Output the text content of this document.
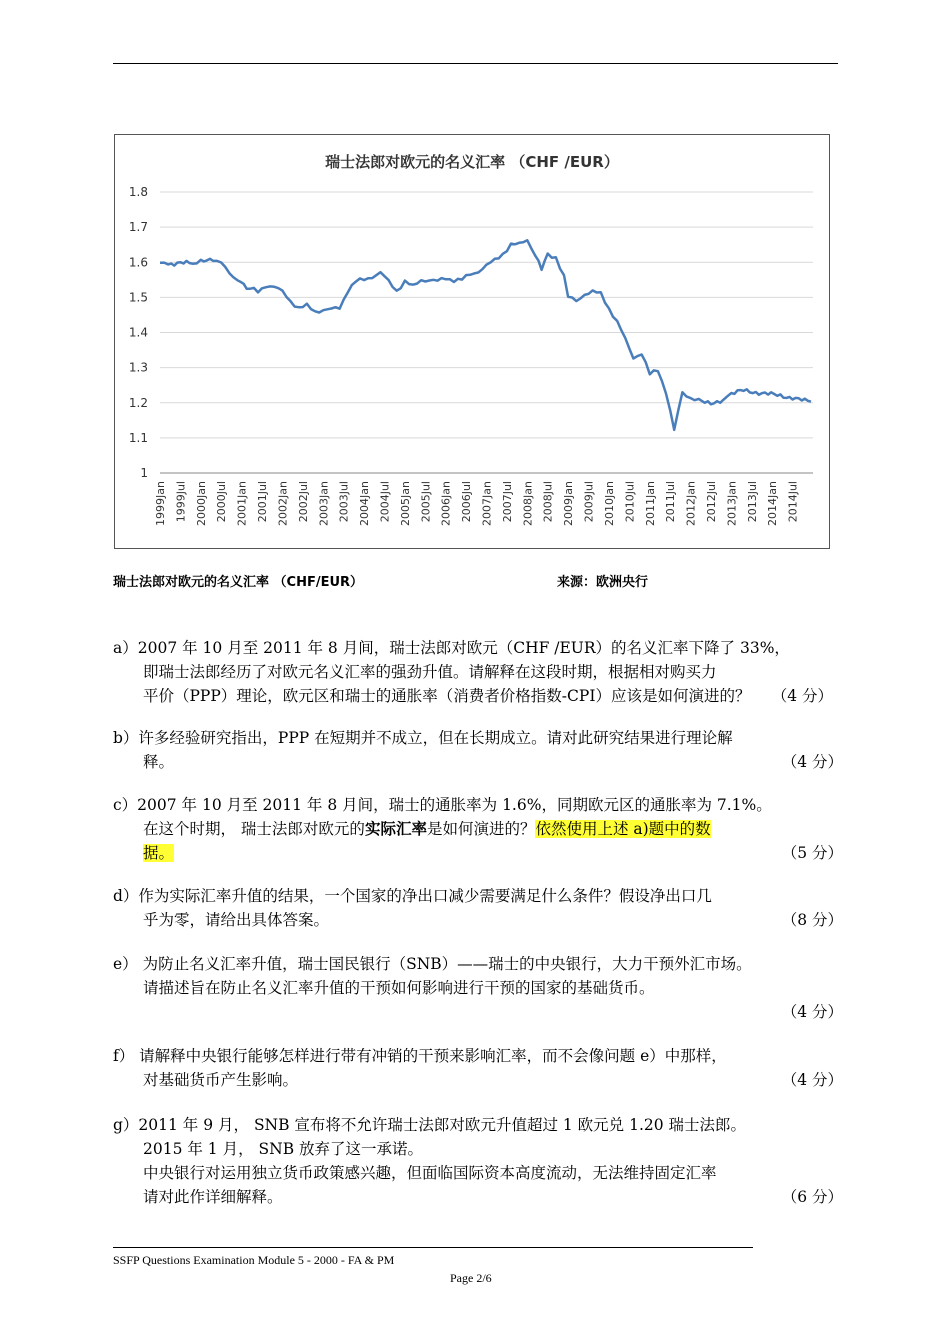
瑞士法郎对欧元的名义汇率 （CHF /EUR）
1.8
1.7
1.6
1.5
1.4
1.3
1.2
1.1
1
1999Jan 1999Jul 2000Jan 2000Jul 2001Jan 2001Jul 2002Jan 2002Jul 2003Jan 2003Jul 2004Jan 2004Jul 2005Jan 2005Jul 2006Jan 2006Jul 2007Jan 2007Jul 2008Jan 2008Jul 2009Jan 2009Jul 2010Jan 2010Jul 2011Jan 2011Jul 2012Jan 2012Jul 2013Jan 2013Jul 2014Jan 2014Jul
瑞士法郎对欧元的名义汇率 （CHF/EUR）	来源：欧洲央行
a）2007 年 10 月至 2011 年 8 月间，瑞士法郎对欧元（CHF /EUR）的名义汇率下降了 33%，
即瑞士法郎经历了对欧元名义汇率的强劲升值。请解释在这段时期，根据相对购买力
平价（PPP）理论，欧元区和瑞士的通胀率（消费者价格指数-CPI）应该是如何演进的？ （4 分）
b）许多经验研究指出，PPP 在短期并不成立，但在长期成立。请对此研究结果进行理论解
释。	（4 分）
c）2007 年 10 月至 2011 年 8 月间，瑞士的通胀率为 1.6%，同期欧元区的通胀率为 7.1%。
在这个时期， 瑞士法郎对欧元的实际汇率是如何演进的？依然使用上述 a)题中的数
据。	（5 分）
d）作为实际汇率升值的结果，一个国家的净出口减少需要满足什么条件？假设净出口几
乎为零，请给出具体答案。	（8 分）
e） 为防止名义汇率升值，瑞士国民银行（SNB）——瑞士的中央银行，大力干预外汇市场。
请描述旨在防止名义汇率升值的干预如何影响进行干预的国家的基础货币。
（4 分）

f） 请解释中央银行能够怎样进行带有冲销的干预来影响汇率，而不会像问题 e）中那样，
对基础货币产生影响。	（4 分）
g）2011 年 9 月， SNB 宣布将不允许瑞士法郎对欧元升值超过 1 欧元兑 1.20 瑞士法郎。
2015 年 1 月， SNB 放弃了这一承诺。
中央银行对运用独立货币政策感兴趣，但面临国际资本高度流动，无法维持固定汇率
请对此作详细解释。	（6 分）
SSFP Questions Examination Module 5 - 2000 - FA & PM
Page 2/6
